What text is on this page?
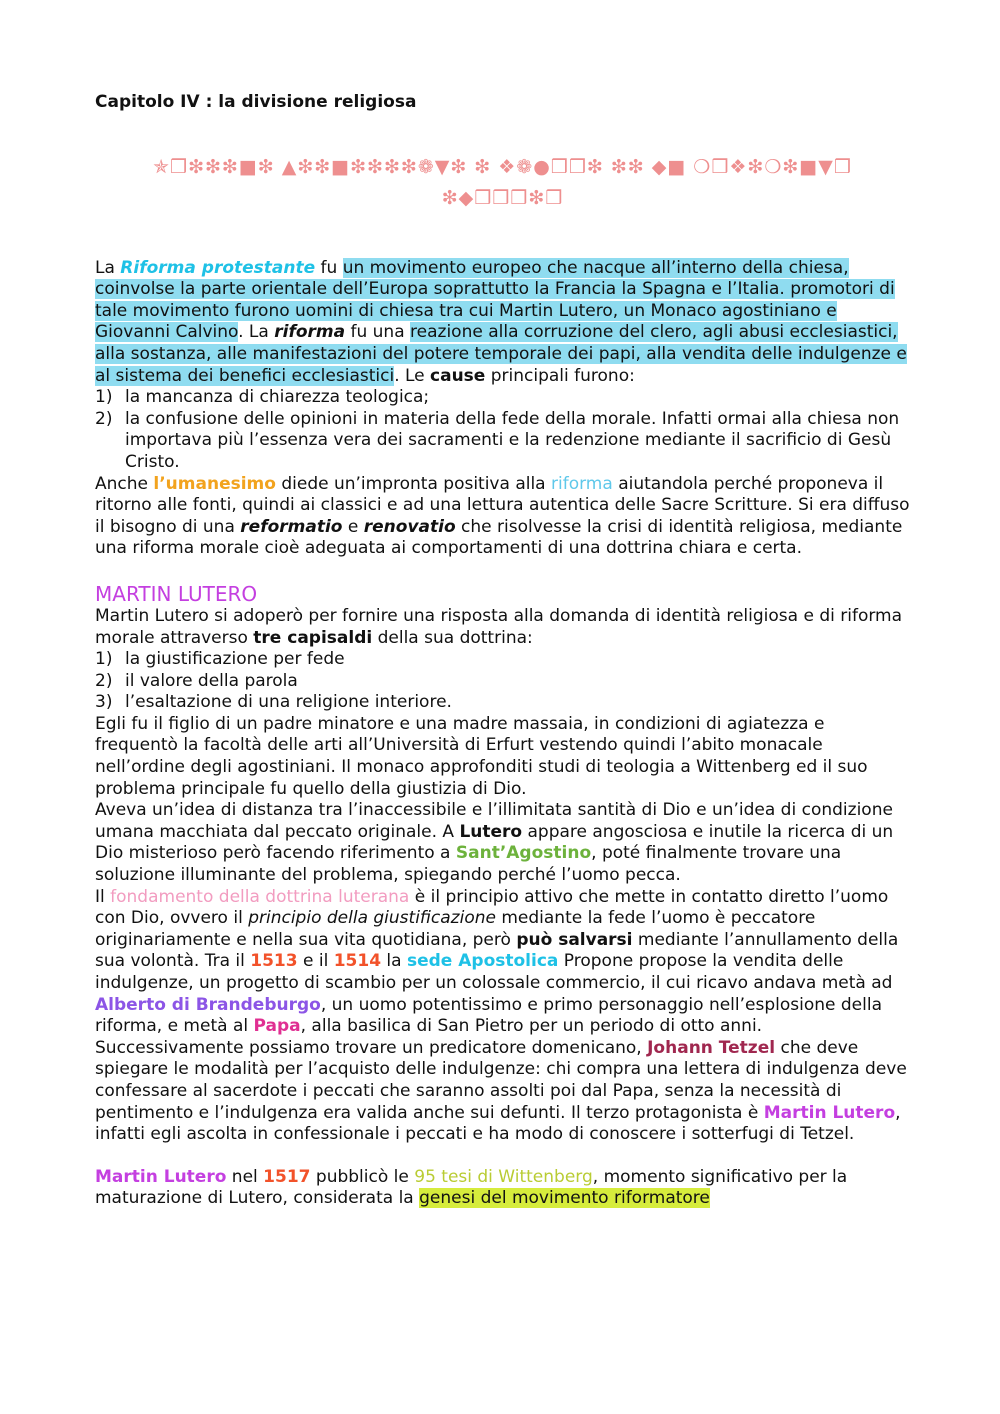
Capitolo IV : la divisione religiosa
✯❒❇❇❇■❇ ▲❇❇■❇❇❇❇❁▼❇ ❇ ❖❁●❒❒❇ ❇❇ ◆■ ❍❒❖❇❍❇■▼❒
❇◆❒❒❒❇❒

La Riforma protestante fu un movimento europeo che nacque all’interno della chiesa, coinvolse la parte orientale dell’Europa soprattutto la Francia la Spagna e l’Italia. promotori di tale movimento furono uomini di chiesa tra cui Martin Lutero, un Monaco agostiniano e Giovanni Calvino. La riforma fu una reazione alla corruzione del clero, agli abusi ecclesiastici, alla sostanza, alle manifestazioni del potere temporale dei papi, alla vendita delle indulgenze e al sistema dei benefici ecclesiastici. Le cause principali furono:

1) la mancanza di chiarezza teologica;
2) la confusione delle opinioni in materia della fede della morale. Infatti ormai alla chiesa non importava più l’essenza vera dei sacramenti e la redenzione mediante il sacrificio di Gesù Cristo.

Anche l’umanesimo diede un’impronta positiva alla riforma aiutandola perché proponeva il ritorno alle fonti, quindi ai classici e ad una lettura autentica delle Sacre Scritture. Si era diffuso il bisogno di una reformatio e renovatio che risolvesse la crisi di identità religiosa, mediante una riforma morale cioè adeguata ai comportamenti di una dottrina chiara e certa.

MARTIN LUTERO

Martin Lutero si adoperò per fornire una risposta alla domanda di identità religiosa e di riforma morale attraverso tre capisaldi della sua dottrina:

1) la giustificazione per fede
2) il valore della parola
3) l’esaltazione di una religione interiore.

Egli fu il figlio di un padre minatore e una madre massaia, in condizioni di agiatezza e frequentò la facoltà delle arti all’Università di Erfurt vestendo quindi l’abito monacale nell’ordine degli agostiniani. Il monaco approfonditi studi di teologia a Wittenberg ed il suo problema principale fu quello della giustizia di Dio.

Aveva un’idea di distanza tra l’inaccessibile e l’illimitata santità di Dio e un’idea di condizione umana macchiata dal peccato originale. A Lutero appare angosciosa e inutile la ricerca di un Dio misterioso però facendo riferimento a Sant’Agostino, poté finalmente trovare una soluzione illuminante del problema, spiegando perché l’uomo pecca.

Il fondamento della dottrina luterana è il principio attivo che mette in contatto diretto l’uomo con Dio, ovvero il principio della giustificazione mediante la fede l’uomo è peccatore originariamente e nella sua vita quotidiana, però può salvarsi mediante l’annullamento della sua volontà. Tra il 1513 e il 1514 la sede Apostolica Propone propose la vendita delle indulgenze, un progetto di scambio per un colossale commercio, il cui ricavo andava metà ad Alberto di Brandeburgo, un uomo potentissimo e primo personaggio nell’esplosione della riforma, e metà al Papa, alla basilica di San Pietro per un periodo di otto anni. Successivamente possiamo trovare un predicatore domenicano, Johann Tetzel che deve spiegare le modalità per l’acquisto delle indulgenze: chi compra una lettera di indulgenza deve confessare al sacerdote i peccati che saranno assolti poi dal Papa, senza la necessità di pentimento e l’indulgenza era valida anche sui defunti. Il terzo protagonista è Martin Lutero, infatti egli ascolta in confessionale i peccati e ha modo di conoscere i sotterfugi di Tetzel.

Martin Lutero nel 1517 pubblicò le 95 tesi di Wittenberg, momento significativo per la maturazione di Lutero, considerata la genesi del movimento riformatore
